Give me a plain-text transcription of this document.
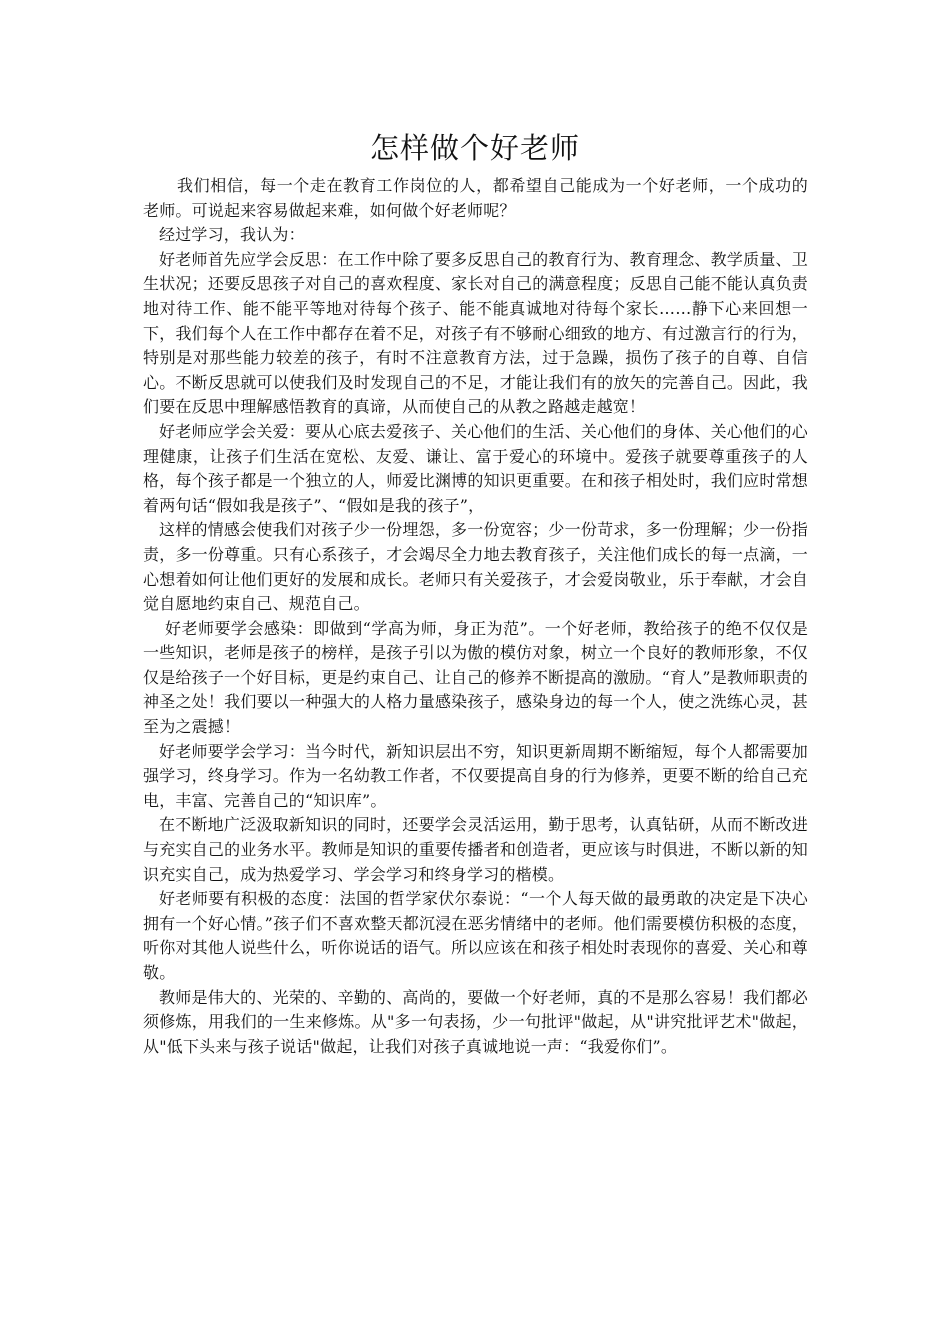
怎样做个好老师

我们相信，每一个走在教育工作岗位的人，都希望自己能成为一个好老师，一个成功的老师。可说起来容易做起来难，如何做个好老师呢？

经过学习，我认为：

好老师首先应学会反思：在工作中除了要多反思自己的教育行为、教育理念、教学质量、卫生状况；还要反思孩子对自己的喜欢程度、家长对自己的满意程度；反思自己能不能认真负责地对待工作、能不能平等地对待每个孩子、能不能真诚地对待每个家长……静下心来回想一下，我们每个人在工作中都存在着不足，对孩子有不够耐心细致的地方、有过激言行的行为，特别是对那些能力较差的孩子，有时不注意教育方法，过于急躁，损伤了孩子的自尊、自信心。不断反思就可以使我们及时发现自己的不足，才能让我们有的放矢的完善自己。因此，我们要在反思中理解感悟教育的真谛，从而使自己的从教之路越走越宽！

好老师应学会关爱：要从心底去爱孩子、关心他们的生活、关心他们的身体、关心他们的心理健康，让孩子们生活在宽松、友爱、谦让、富于爱心的环境中。爱孩子就要尊重孩子的人格，每个孩子都是一个独立的人，师爱比渊博的知识更重要。在和孩子相处时，我们应时常想着两句话“假如我是孩子”、“假如是我的孩子”，

这样的情感会使我们对孩子少一份埋怨，多一份宽容；少一份苛求，多一份理解；少一份指责，多一份尊重。只有心系孩子，才会竭尽全力地去教育孩子，关注他们成长的每一点滴，一心想着如何让他们更好的发展和成长。老师只有关爱孩子，才会爱岗敬业，乐于奉献，才会自觉自愿地约束自己、规范自己。

好老师要学会感染：即做到“学高为师，身正为范”。一个好老师，教给孩子的绝不仅仅是一些知识，老师是孩子的榜样，是孩子引以为傲的模仿对象，树立一个良好的教师形象，不仅仅是给孩子一个好目标，更是约束自己、让自己的修养不断提高的激励。“育人”是教师职责的神圣之处！我们要以一种强大的人格力量感染孩子，感染身边的每一个人，使之洗练心灵，甚至为之震撼！

好老师要学会学习：当今时代，新知识层出不穷，知识更新周期不断缩短，每个人都需要加强学习，终身学习。作为一名幼教工作者，不仅要提高自身的行为修养，更要不断的给自己充电，丰富、完善自己的“知识库”。

在不断地广泛汲取新知识的同时，还要学会灵活运用，勤于思考，认真钻研，从而不断改进与充实自己的业务水平。教师是知识的重要传播者和创造者，更应该与时俱进，不断以新的知识充实自己，成为热爱学习、学会学习和终身学习的楷模。

好老师要有积极的态度：法国的哲学家伏尔泰说：“一个人每天做的最勇敢的决定是下决心拥有一个好心情。”孩子们不喜欢整天都沉浸在恶劣情绪中的老师。他们需要模仿积极的态度，听你对其他人说些什么，听你说话的语气。所以应该在和孩子相处时表现你的喜爱、关心和尊敬。

教师是伟大的、光荣的、辛勤的、高尚的，要做一个好老师，真的不是那么容易！我们都必须修炼，用我们的一生来修炼。从"多一句表扬，少一句批评"做起，从"讲究批评艺术"做起，从"低下头来与孩子说话"做起，让我们对孩子真诚地说一声：“我爱你们”。
